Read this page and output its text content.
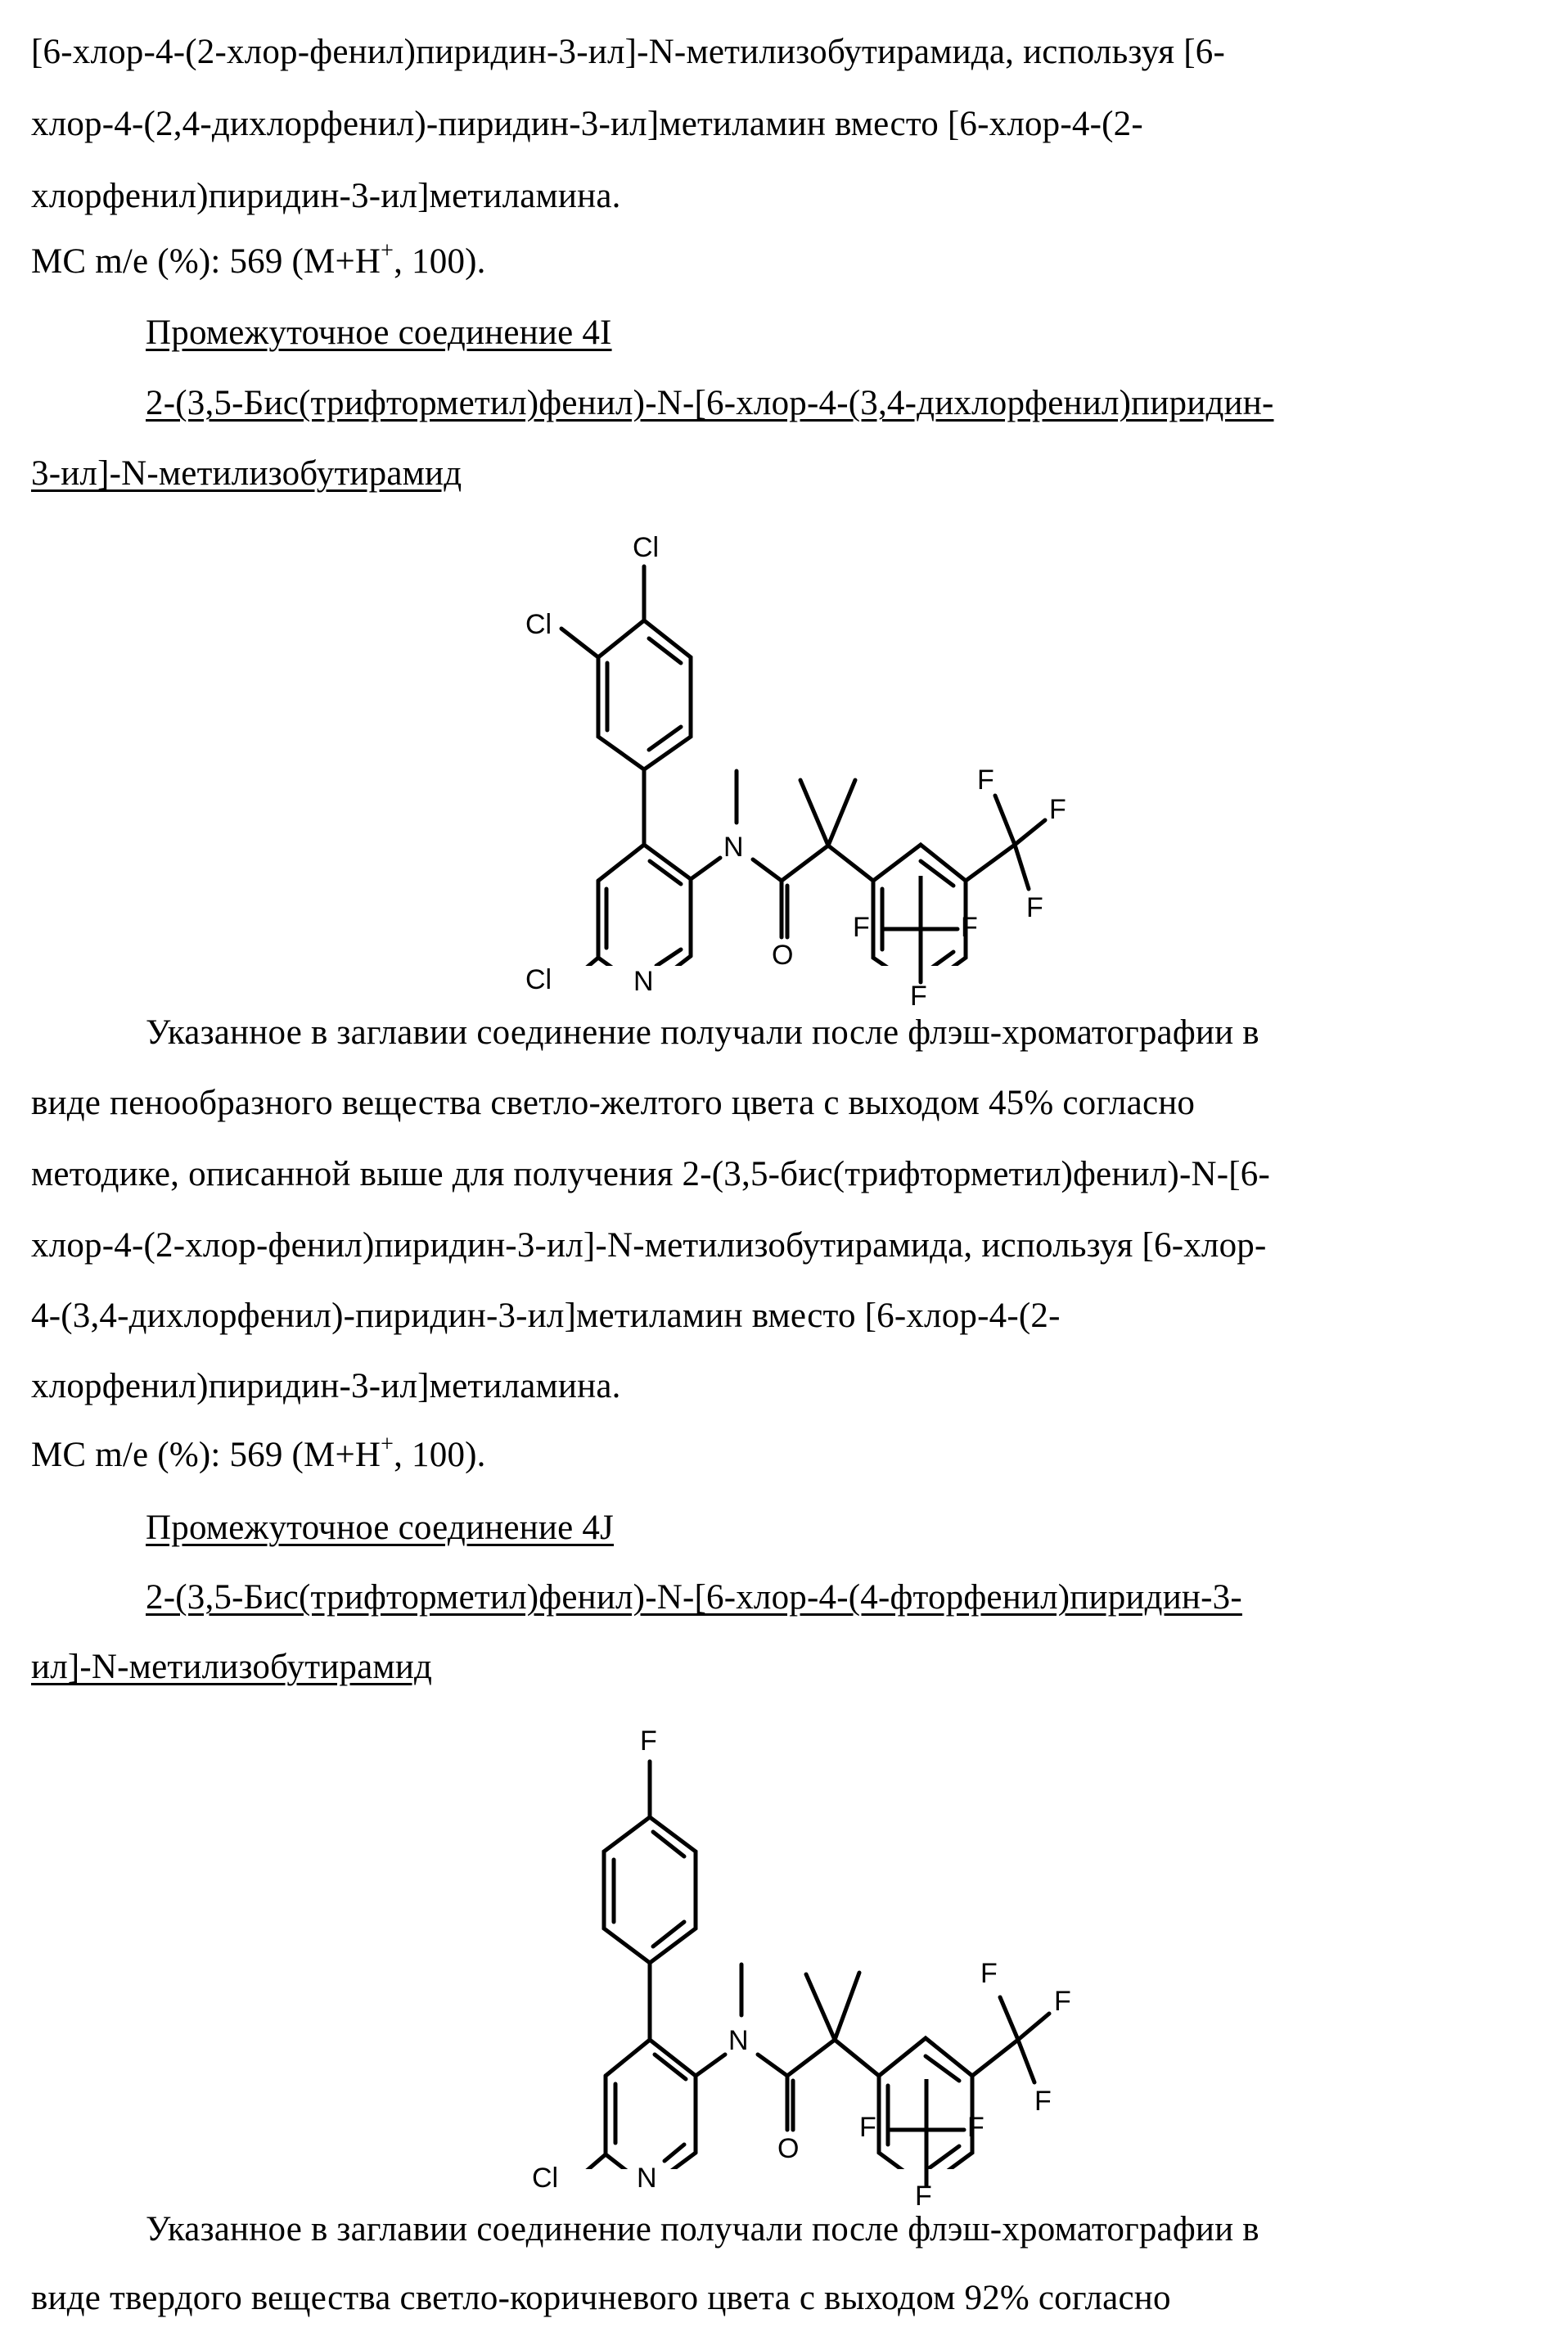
[6-хлор-4-(2-хлор-фенил)пиридин-3-ил]-N-метилизобутирамида, используя [6-
хлор-4-(2,4-дихлорфенил)-пиридин-3-ил]метиламин вместо [6-хлор-4-(2-
хлорфенил)пиридин-3-ил]метиламина.
МС m/e (%): 569 (M+H+, 100).
Промежуточное соединение 4I
2-(3,5-Бис(трифторметил)фенил)-N-[6-хлор-4-(3,4-дихлорфенил)пиридин-
3-ил]-N-метилизобутирамид
Cl
Cl
N
O
F
F
F
Указанное в заглавии соединение получали после флэш-хроматографии в
виде пенообразного вещества светло-желтого цвета с выходом 45% согласно
методике, описанной выше для получения 2-(3,5-бис(трифторметил)фенил)-N-[6-
хлор-4-(2-хлор-фенил)пиридин-3-ил]-N-метилизобутирамида, используя [6-хлор-
4-(3,4-дихлорфенил)-пиридин-3-ил]метиламин вместо [6-хлор-4-(2-
хлорфенил)пиридин-3-ил]метиламина.
МС m/e (%): 569 (M+H+, 100).
Промежуточное соединение 4J
2-(3,5-Бис(трифторметил)фенил)-N-[6-хлор-4-(4-фторфенил)пиридин-3-
ил]-N-метилизобутирамид
F
Cl	N
N
O
F
F
F
Cl	N
F	F
F
F	F
F
Указанное в заглавии соединение получали после флэш-хроматографии в
виде твердого вещества светло-коричневого цвета с выходом 92% согласно
